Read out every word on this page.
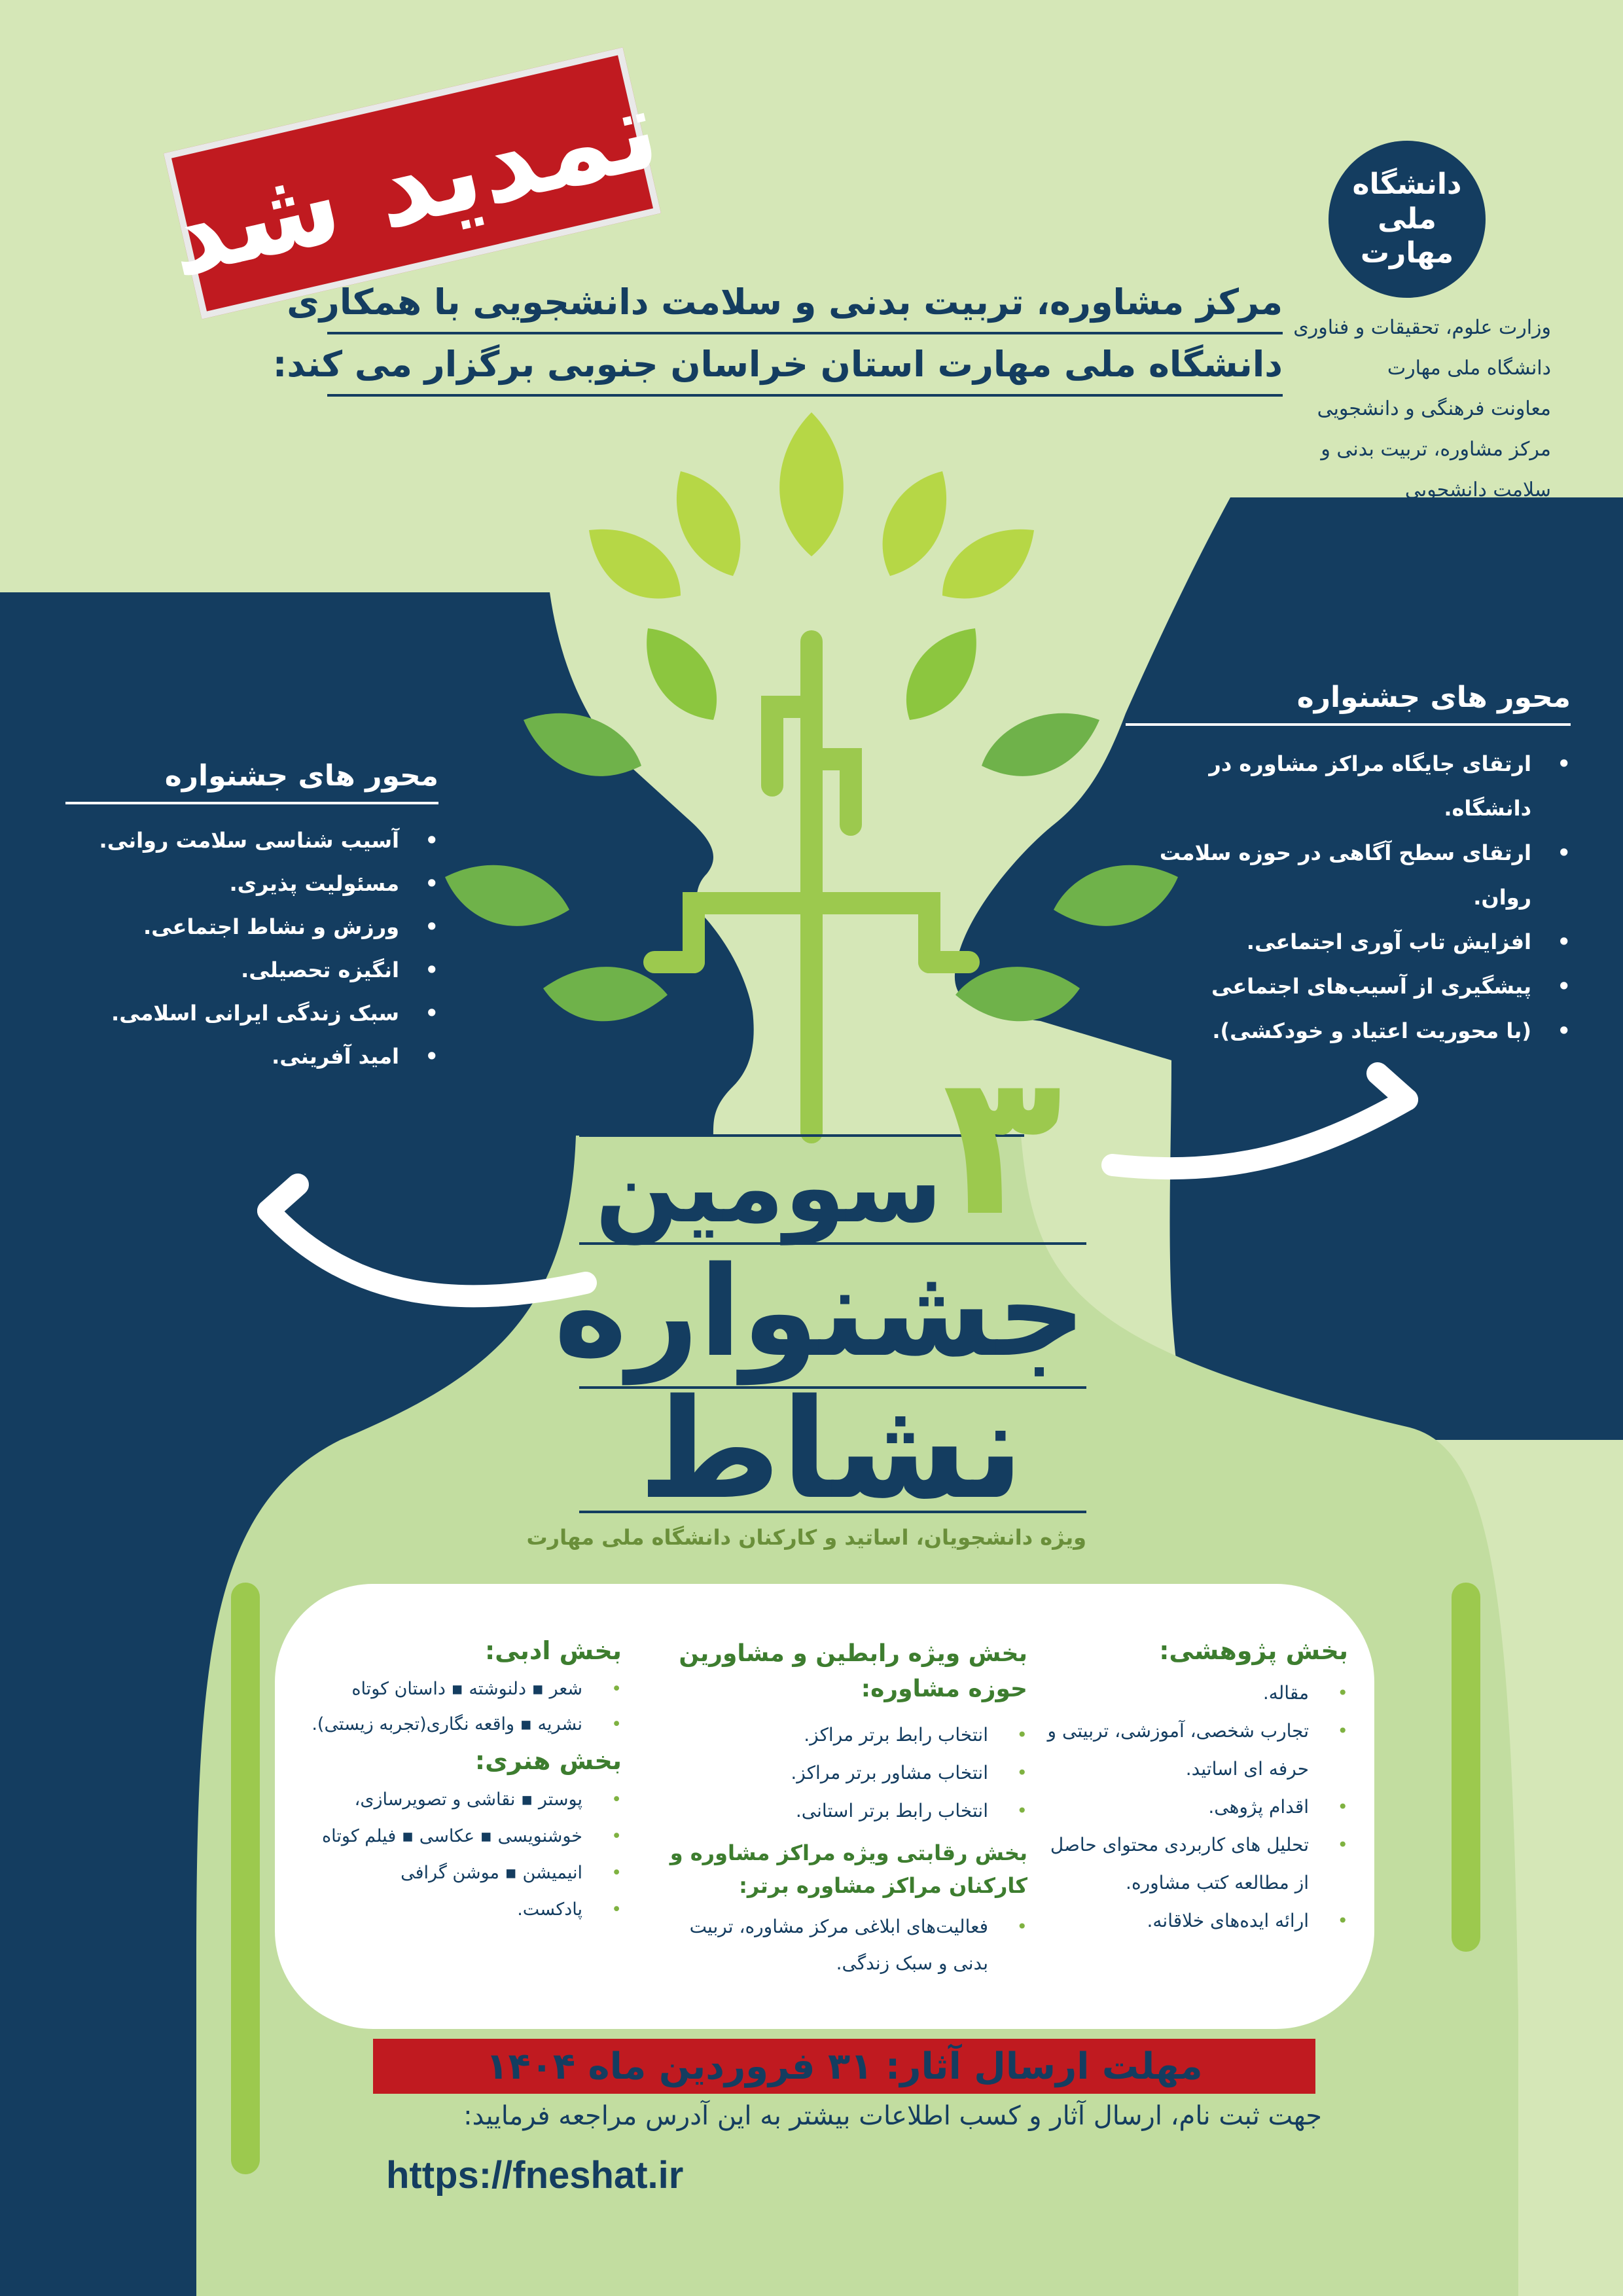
تمدید شد	دانشگاه ملی مهارت
وزارت علوم، تحقیقات و فناوری
دانشگاه ملی مهارت
معاونت فرهنگی و دانشجویی
مرکز مشاوره، تربیت بدنی و سلامت دانشجویی
مرکز مشاوره، تربیت بدنی و سلامت دانشجویی با همکاری
دانشگاه ملی مهارت استان خراسان جنوبی برگزار می کند:
محور های جشنواره
• ارتقای جایگاه مراکز مشاوره در دانشگاه.
• ارتقای سطح آگاهی در حوزه سلامت روان.
• افزایش تاب آوری اجتماعی.
• پیشگیری از آسیب‌های اجتماعی
• (با محوریت اعتیاد و خودکشی).
محور های جشنواره
• آسیب شناسی سلامت روانی.
• مسئولیت پذیری.
• ورزش و نشاط اجتماعی.
• انگیزه تحصیلی.
• سبک زندگی ایرانی اسلامی.
• امید آفرینی.	۳
سومین
جشنواره
نشاط
ویژه دانشجویان، اساتید و کارکنان دانشگاه ملی مهارت
بخش پژوهشی:
• مقاله.
• تجارب شخصی، آموزشی، تربیتی و حرفه ای اساتید.
• اقدام پژوهی.
• تحلیل های کاربردی محتوای حاصل از مطالعه کتب مشاوره.
• ارائه ایده‌های خلاقانه.
بخش ویژه رابطین و مشاورین حوزه مشاوره:
• انتخاب رابط برتر مراکز.
• انتخاب مشاور برتر مراکز.
• انتخاب رابط برتر استانی.
بخش رقابتی ویژه مراکز مشاوره و کارکنان مراکز مشاوره برتر:
• فعالیت‌های ابلاغی مرکز مشاوره، تربیت بدنی و سبک زندگی.
بخش ادبی:
• شعر ▪ دلنوشته ▪ داستان کوتاه
• نشریه ▪ واقعه نگاری(تجربه زیستی).
بخش هنری:
• پوستر ▪ نقاشی و تصویرسازی،
• خوشنویسی ▪ عکاسی ▪ فیلم کوتاه
• انیمیشن ▪ موشن گرافی
• پادکست.
مهلت ارسال آثار: ۳۱ فروردین ماه ۱۴۰۴
جهت ثبت نام، ارسال آثار و کسب اطلاعات بیشتر به این آدرس مراجعه فرمایید:
https://fneshat.ir
